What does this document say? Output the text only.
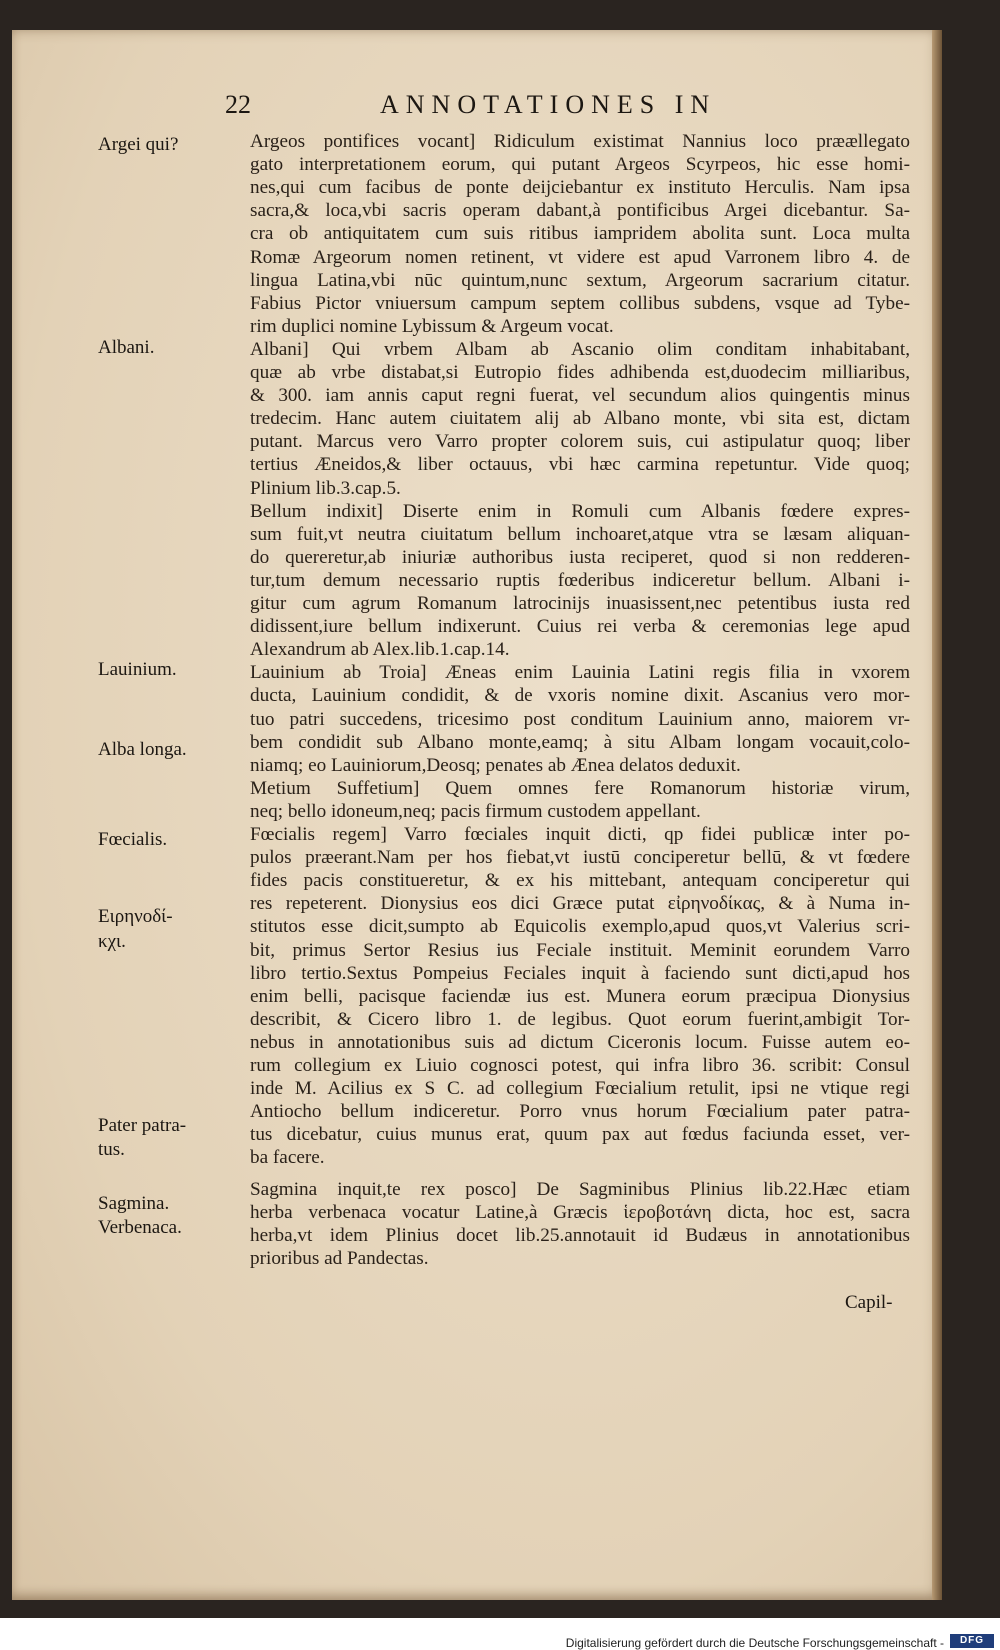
22	ANNOTATIONES IN
Argei qui?
Albani.
Lauinium.
Alba longa.
Fœcialis.
Ειρηνοδί-
κχι.
Pater patra-
tus.
Sagmina.
Verbenaca.
Argeos pontifices vocant] Ridiculum existimat Nannius loco præællegato
gato interpretationem eorum, qui putant Argeos Scyrpeos, hic esse homi-
nes,qui cum facibus de ponte deijciebantur ex instituto Herculis. Nam ipsa
sacra,& loca,vbi sacris operam dabant,à pontificibus Argei dicebantur. Sa-
cra ob antiquitatem cum suis ritibus iampridem abolita sunt. Loca multa
Romæ Argeorum nomen retinent, vt videre est apud Varronem libro 4. de
lingua Latina,vbi nūc quintum,nunc sextum, Argeorum sacrarium citatur.
Fabius Pictor vniuersum campum septem collibus subdens, vsque ad Tybe-
rim duplici nomine Lybissum & Argeum vocat.
Albani] Qui vrbem Albam ab Ascanio olim conditam inhabitabant,
quæ ab vrbe distabat,si Eutropio fides adhibenda est,duodecim milliaribus,
& 300. iam annis caput regni fuerat, vel secundum alios quingentis minus
tredecim. Hanc autem ciuitatem alij ab Albano monte, vbi sita est, dictam
putant. Marcus vero Varro propter colorem suis, cui astipulatur quoq; liber
tertius Æneidos,& liber octauus, vbi hæc carmina repetuntur. Vide quoq;
Plinium lib.3.cap.5.
Bellum indixit] Diserte enim in Romuli cum Albanis fœdere expres-
sum fuit,vt neutra ciuitatum bellum inchoaret,atque vtra se læsam aliquan-
do quereretur,ab iniuriæ authoribus iusta reciperet, quod si non redderen-
tur,tum demum necessario ruptis fœderibus indiceretur bellum. Albani i-
gitur cum agrum Romanum latrocinijs inuasissent,nec petentibus iusta red
didissent,iure bellum indixerunt. Cuius rei verba & ceremonias lege apud
Alexandrum ab Alex.lib.1.cap.14.
Lauinium ab Troia] Æneas enim Lauinia Latini regis filia in vxorem
ducta, Lauinium condidit, & de vxoris nomine dixit. Ascanius vero mor-
tuo patri succedens, tricesimo post conditum Lauinium anno, maiorem vr-
bem condidit sub Albano monte,eamq; à situ Albam longam vocauit,colo-
niamq; eo Lauiniorum,Deosq; penates ab Ænea delatos deduxit.
Metium Suffetium] Quem omnes fere Romanorum historiæ virum,
neq; bello idoneum,neq; pacis firmum custodem appellant.
Fœcialis regem] Varro fœciales inquit dicti, qp fidei publicæ inter po-
pulos præerant.Nam per hos fiebat,vt iustū conciperetur bellū, & vt fœdere
fides pacis constitueretur, & ex his mittebant, antequam conciperetur qui
res repeterent. Dionysius eos dici Græce putat εἰρηνοδίκας, & à Numa in-
stitutos esse dicit,sumpto ab Equicolis exemplo,apud quos,vt Valerius scri-
bit, primus Sertor Resius ius Feciale instituit. Meminit eorundem Varro
libro tertio.Sextus Pompeius Feciales inquit à faciendo sunt dicti,apud hos
enim belli, pacisque faciendæ ius est. Munera eorum præcipua Dionysius
describit, & Cicero libro 1. de legibus. Quot eorum fuerint,ambigit Tor-
nebus in annotationibus suis ad dictum Ciceronis locum. Fuisse autem eo-
rum collegium ex Liuio cognosci potest, qui infra libro 36. scribit: Consul
inde M. Acilius ex S C. ad collegium Fœcialium retulit, ipsi ne vtique regi
Antiocho bellum indiceretur. Porro vnus horum Fœcialium pater patra-
tus dicebatur, cuius munus erat, quum pax aut fœdus faciunda esset, ver-
ba facere.
Sagmina inquit,te rex posco] De Sagminibus Plinius lib.22.Hæc etiam
herba verbenaca vocatur Latine,à Græcis ἱεροβοτάνη dicta, hoc est, sacra
herba,vt idem Plinius docet lib.25.annotauit id Budæus in annotationibus
prioribus ad Pandectas.
Capil-
Digitalisierung gefördert durch die Deutsche Forschungsgemeinschaft -	DFG
